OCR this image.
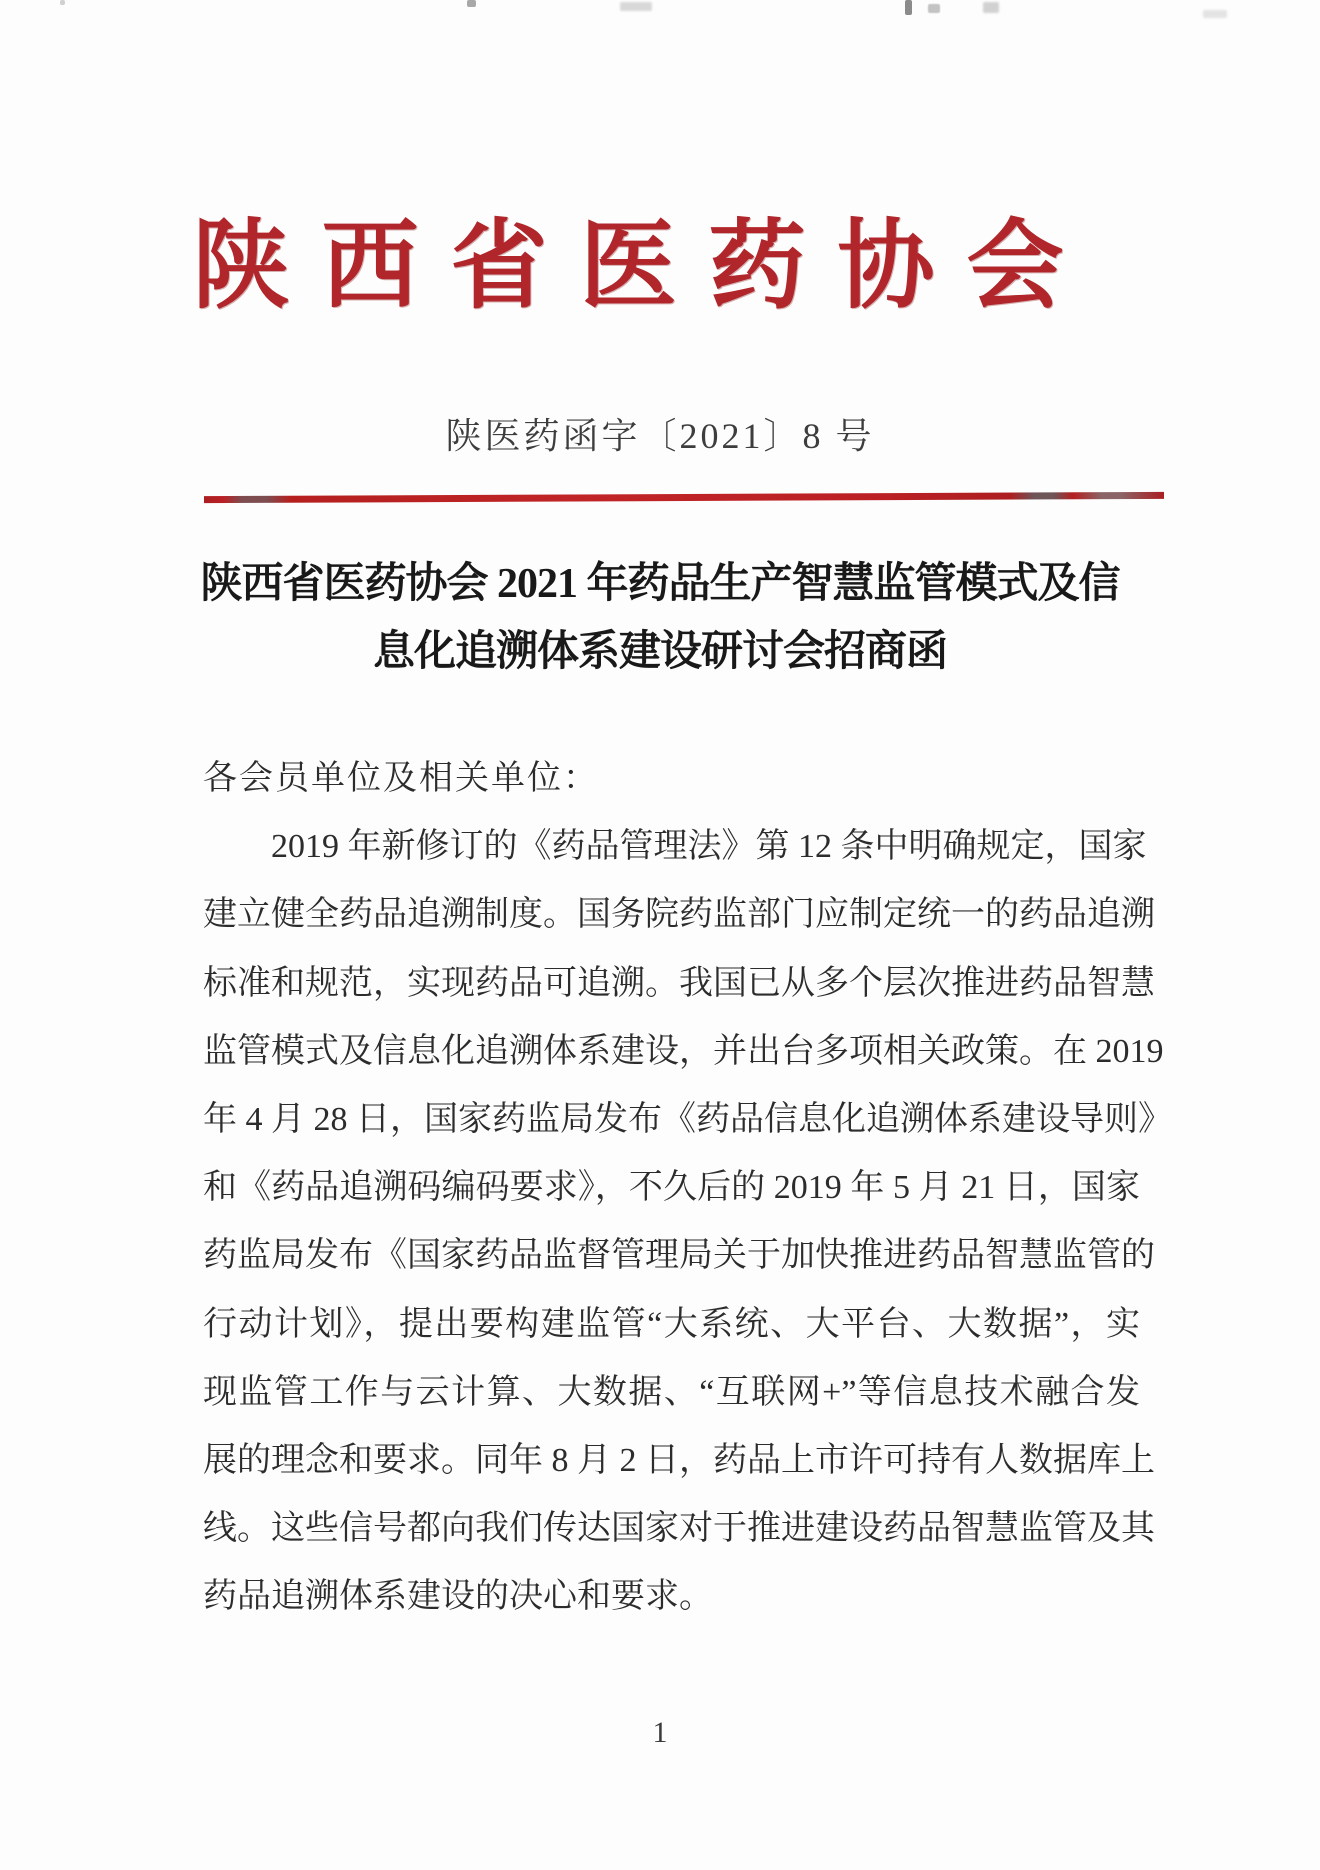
陕西省医药协会
陕医药函字〔2021〕8 号
陕西省医药协会 2021 年药品生产智慧监管模式及信
息化追溯体系建设研讨会招商函

各会员单位及相关单位：

2019 年新修订的《药品管理法》第 12 条中明确规定，国家
建立健全药品追溯制度。国务院药监部门应制定统一的药品追溯
标准和规范，实现药品可追溯。我国已从多个层次推进药品智慧
监管模式及信息化追溯体系建设，并出台多项相关政策。在 2019
年 4 月 28 日，国家药监局发布《药品信息化追溯体系建设导则》
和《药品追溯码编码要求》，不久后的 2019 年 5 月 21 日，国家
药监局发布《国家药品监督管理局关于加快推进药品智慧监管的
行动计划》，提出要构建监管“大系统、大平台、大数据”，实
现监管工作与云计算、大数据、“互联网+”等信息技术融合发
展的理念和要求。同年 8 月 2 日，药品上市许可持有人数据库上
线。这些信号都向我们传达国家对于推进建设药品智慧监管及其
药品追溯体系建设的决心和要求。
1
